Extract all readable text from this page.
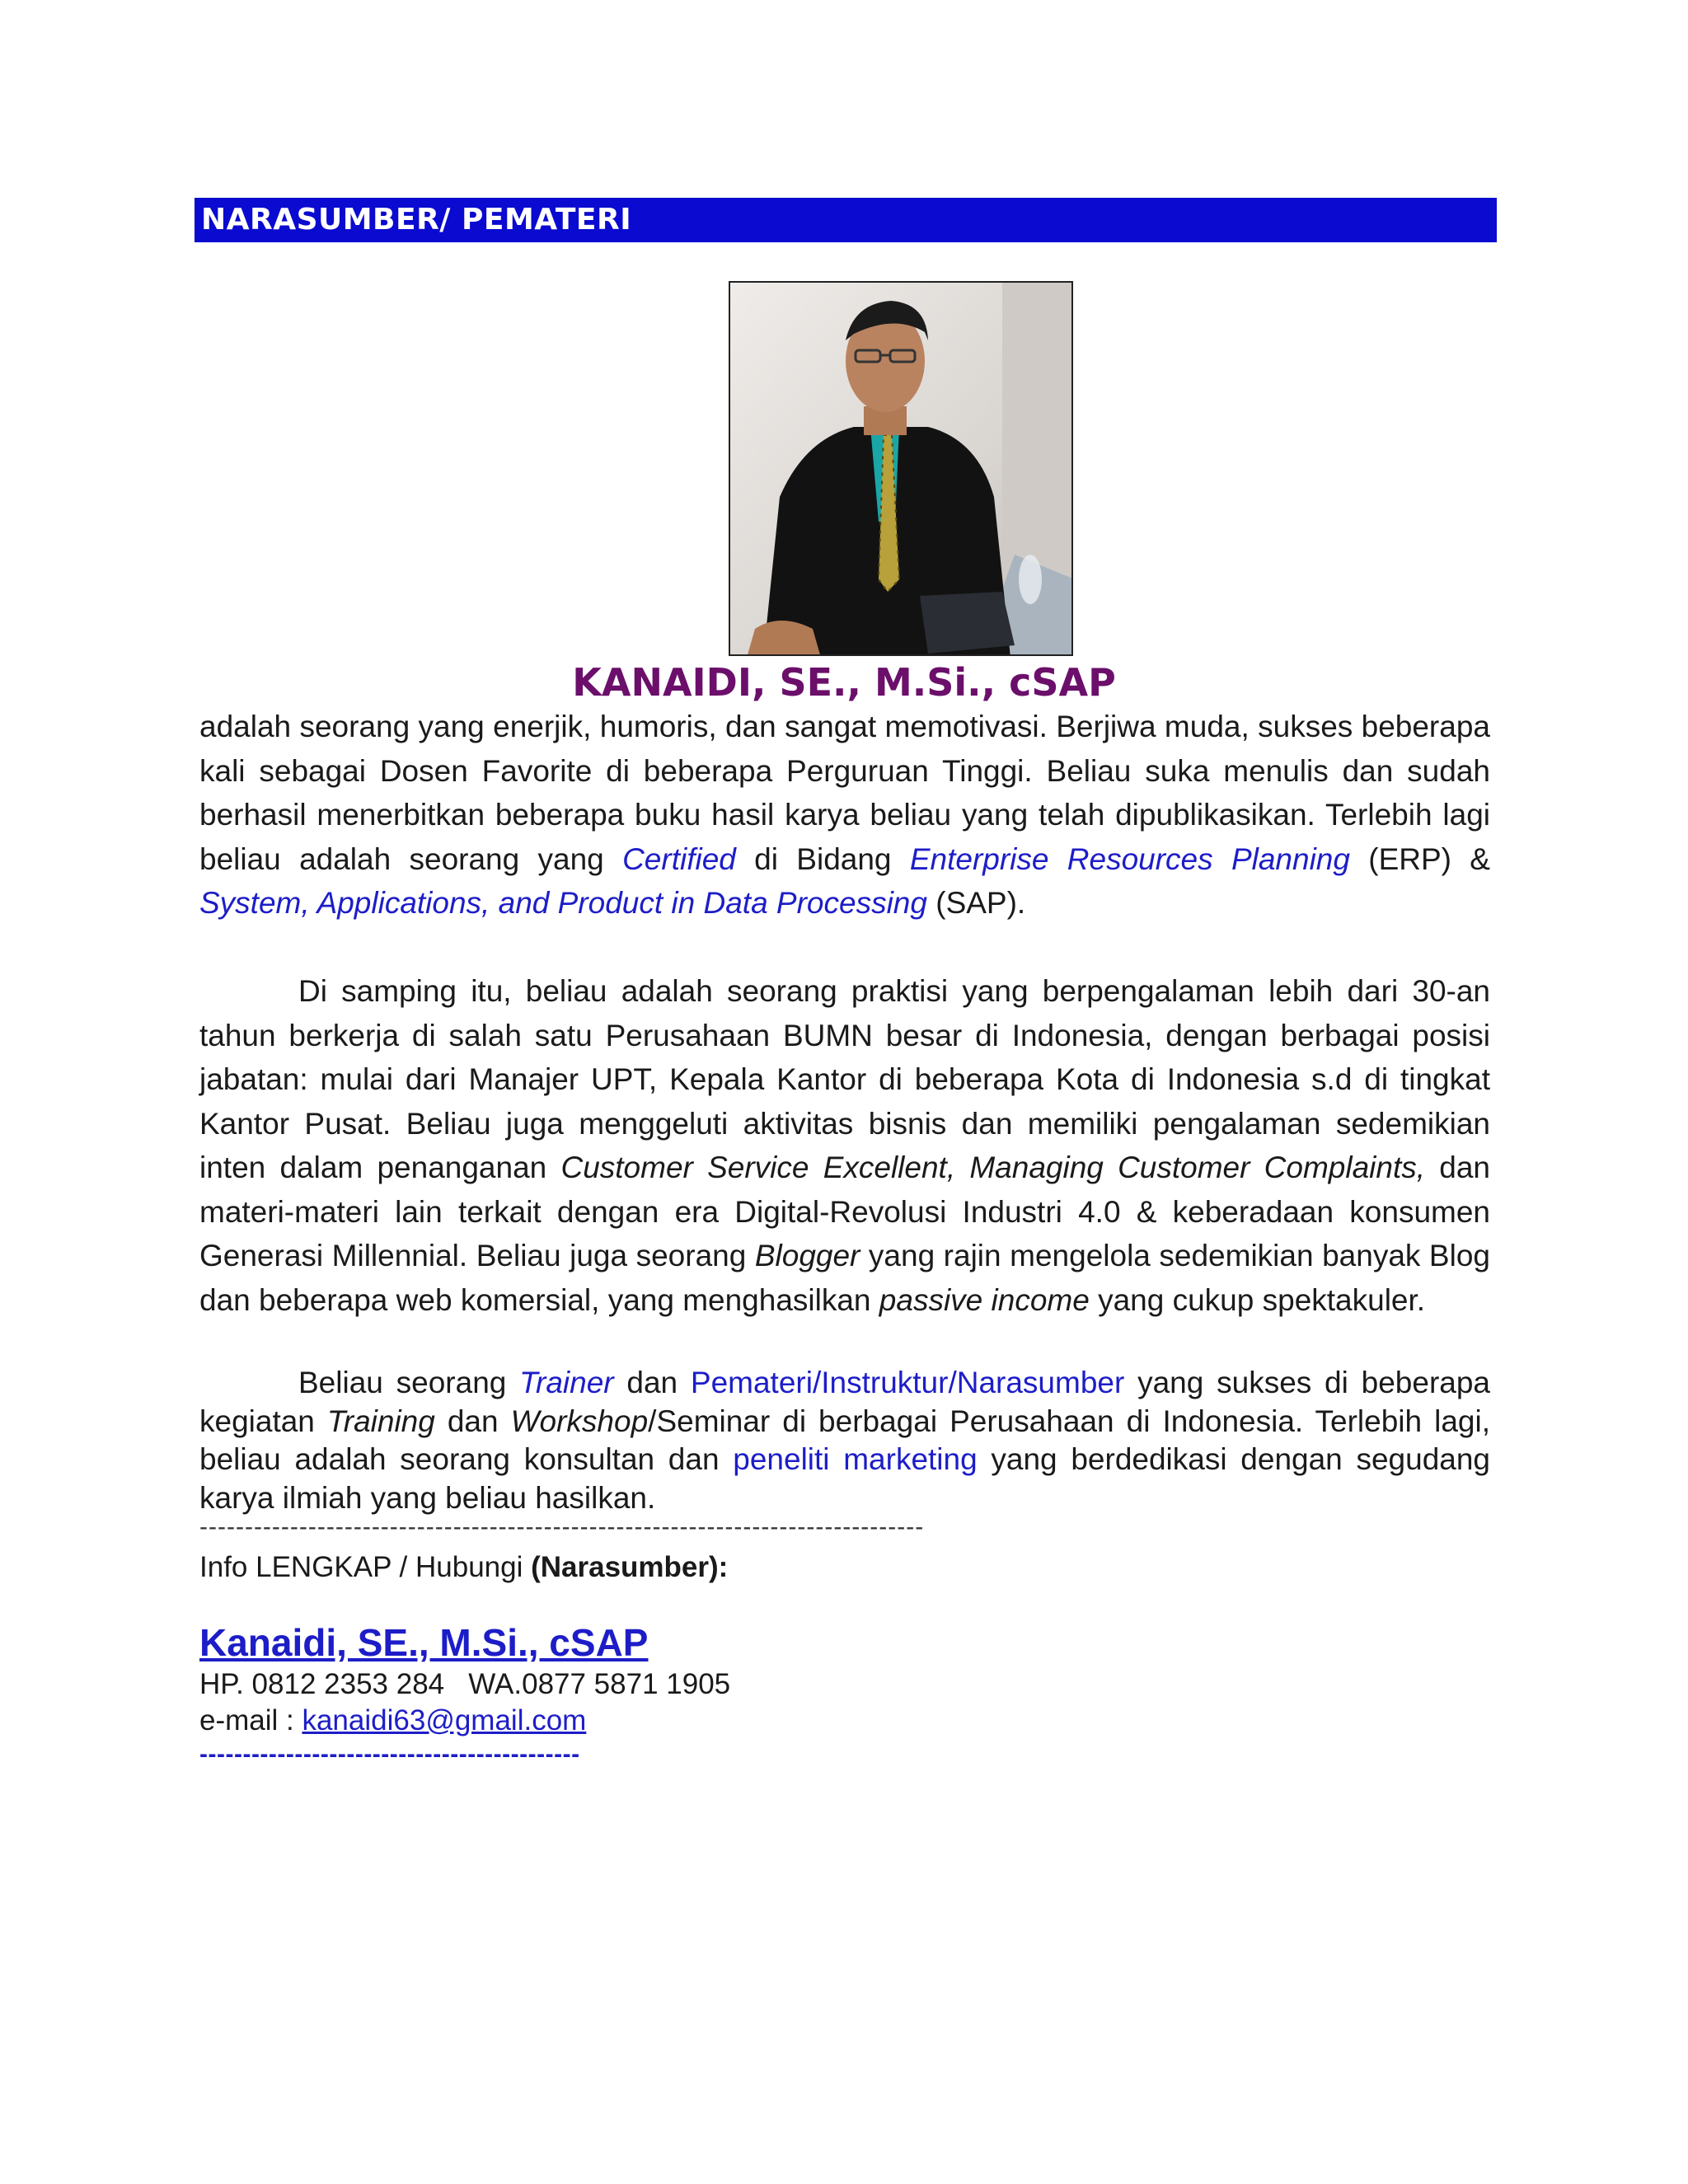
NARASUMBER/ PEMATERI
KANAIDI, SE., M.Si., cSAP

adalah seorang yang enerjik, humoris, dan sangat memotivasi. Berjiwa muda, sukses beberapa kali sebagai Dosen Favorite di beberapa Perguruan Tinggi. Beliau suka menulis dan sudah berhasil menerbitkan beberapa buku hasil karya beliau yang telah dipublikasikan. Terlebih lagi beliau adalah seorang yang Certified di Bidang Enterprise Resources Planning (ERP) & System, Applications, and Product in Data Processing (SAP).

Di samping itu, beliau adalah seorang praktisi yang berpengalaman lebih dari 30-an tahun berkerja di salah satu Perusahaan BUMN besar di Indonesia, dengan berbagai posisi jabatan: mulai dari Manajer UPT, Kepala Kantor di beberapa Kota di Indonesia s.d di tingkat Kantor Pusat. Beliau juga menggeluti aktivitas bisnis dan memiliki pengalaman sedemikian inten dalam penanganan Customer Service Excellent, Managing Customer Complaints, dan materi-materi lain terkait dengan era Digital-Revolusi Industri 4.0 & keberadaan konsumen Generasi Millennial. Beliau juga seorang Blogger yang rajin mengelola sedemikian banyak Blog dan beberapa web komersial, yang menghasilkan passive income yang cukup spektakuler.

Beliau seorang Trainer dan Pemateri/Instruktur/Narasumber yang sukses di beberapa kegiatan Training dan Workshop/Seminar di berbagai Perusahaan di Indonesia. Terlebih lagi, beliau adalah seorang konsultan dan peneliti marketing yang berdedikasi dengan segudang karya ilmiah yang beliau hasilkan.

--------------------------------------------------------------------------------
Info LENGKAP / Hubungi (Narasumber):
Kanaidi, SE., M.Si., cSAP
HP. 0812 2353 284   WA.0877 5871 1905
e-mail : kanaidi63@gmail.com
--------------------------------------------
